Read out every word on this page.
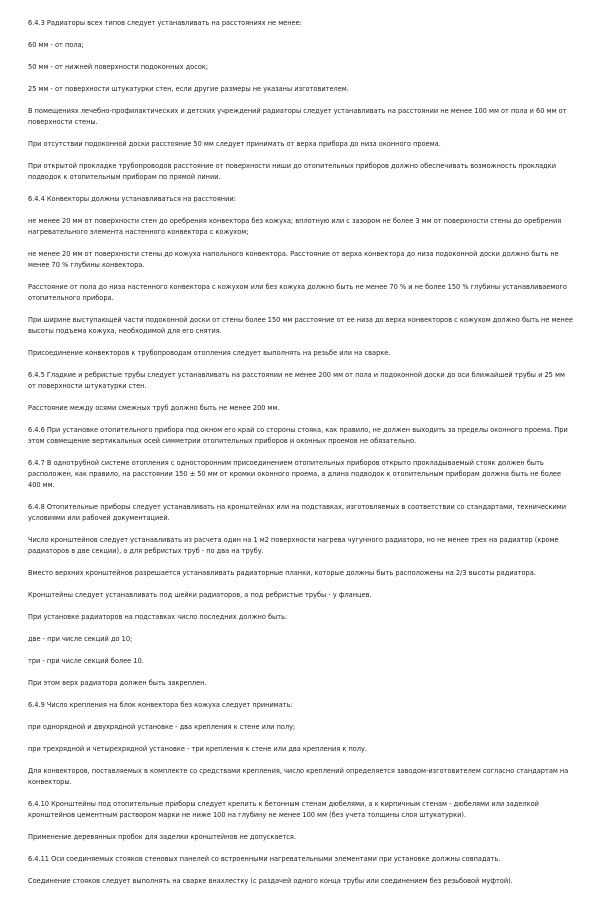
6.4.3 Радиаторы всех типов следует устанавливать на расстояниях не менее:

60 мм - от пола;

50 мм - от нижней поверхности подоконных досок;

25 мм - от поверхности штукатурки стен, если другие размеры не указаны изготовителем.

В помещениях лечебно-профилактических и детских учреждений радиаторы следует устанавливать на расстоянии не менее 100 мм от пола и 60 мм от поверхности стены.

При отсутствии подоконной доски расстояние 50 мм следует принимать от верха прибора до низа оконного проема.

При открытой прокладке трубопроводов расстояние от поверхности ниши до отопительных приборов должно обеспечивать возможность прокладки подводок к отопительным приборам по прямой линии.

6.4.4 Конвекторы должны устанавливаться на расстоянии:

не менее 20 мм от поверхности стен до оребрения конвектора без кожуха; вплотную или с зазором не более 3 мм от поверхности стены до оребрения нагревательного элемента настенного конвектора с кожухом;

не менее 20 мм от поверхности стены до кожуха напольного конвектора. Расстояние от верха конвектора до низа подоконной доски должно быть не менее 70 % глубины конвектора.

Расстояние от пола до низа настенного конвектора с кожухом или без кожуха должно быть не менее 70 % и не более 150 % глубины устанавливаемого отопительного прибора.

При ширине выступающей части подоконной доски от стены более 150 мм расстояние от ее низа до верха конвекторов с кожухом должно быть не менее высоты подъема кожуха, необходимой для его снятия.

Присоединение конвекторов к трубопроводам отопления следует выполнять на резьбе или на сварке.

6.4.5 Гладкие и ребристые трубы следует устанавливать на расстоянии не менее 200 мм от пола и подоконной доски до оси ближайшей трубы и 25 мм от поверхности штукатурки стен.

Расстояние между осями смежных труб должно быть не менее 200 мм.

6.4.6 При установке отопительного прибора под окном его край со стороны стояка, как правило, не должен выходить за пределы оконного проема. При этом совмещение вертикальных осей симметрии отопительных приборов и оконных проемов не обязательно.

6.4.7 В однотрубной системе отопления с односторонним присоединением отопительных приборов открыто прокладываемый стояк должен быть расположен, как правило, на расстоянии 150 ± 50 мм от кромки оконного проема, а длина подводок к отопительным приборам должна быть не более 400 мм.

6.4.8 Отопительные приборы следует устанавливать на кронштейнах или на подставках, изготовляемых в соответствии со стандартами, техническими условиями или рабочей документацией.

Число кронштейнов следует устанавливать из расчета один на 1 м2 поверхности нагрева чугунного радиатора, но не менее трех на радиатор (кроме радиаторов в две секции), а для ребристых труб - по два на трубу.

Вместо верхних кронштейнов разрешается устанавливать радиаторные планки, которые должны быть расположены на 2/3 высоты радиатора.

Кронштейны следует устанавливать под шейки радиаторов, а под ребристые трубы - у фланцев.

При установке радиаторов на подставках число последних должно быть:

две - при числе секций до 10;

три - при числе секций более 10.

При этом верх радиатора должен быть закреплен.

6.4.9 Число крепления на блок конвектора без кожуха следует принимать:

при однорядной и двухрядной установке - два крепления к стене или полу;

при трехрядной и четырехрядной установке - три крепления к стене или два крепления к полу.

Для конвекторов, поставляемых в комплекте со средствами крепления, число креплений определяется заводом-изготовителем согласно стандартам на конвекторы.

6.4.10 Кронштейны под отопительные приборы следует крепить к бетонным стенам дюбелями, а к кирпичным стенам - дюбелями или заделкой кронштейнов цементным раствором марки не ниже 100 на глубину не менее 100 мм (без учета толщины слоя штукатурки).

Применение деревянных пробок для заделки кронштейнов не допускается.

6.4.11 Оси соединяемых стояков стеновых панелей со встроенными нагревательными элементами при установке должны совпадать.

Соединение стояков следует выполнять на сварке внахлестку (с раздачей одного конца трубы или соединением без резьбовой муфтой).
